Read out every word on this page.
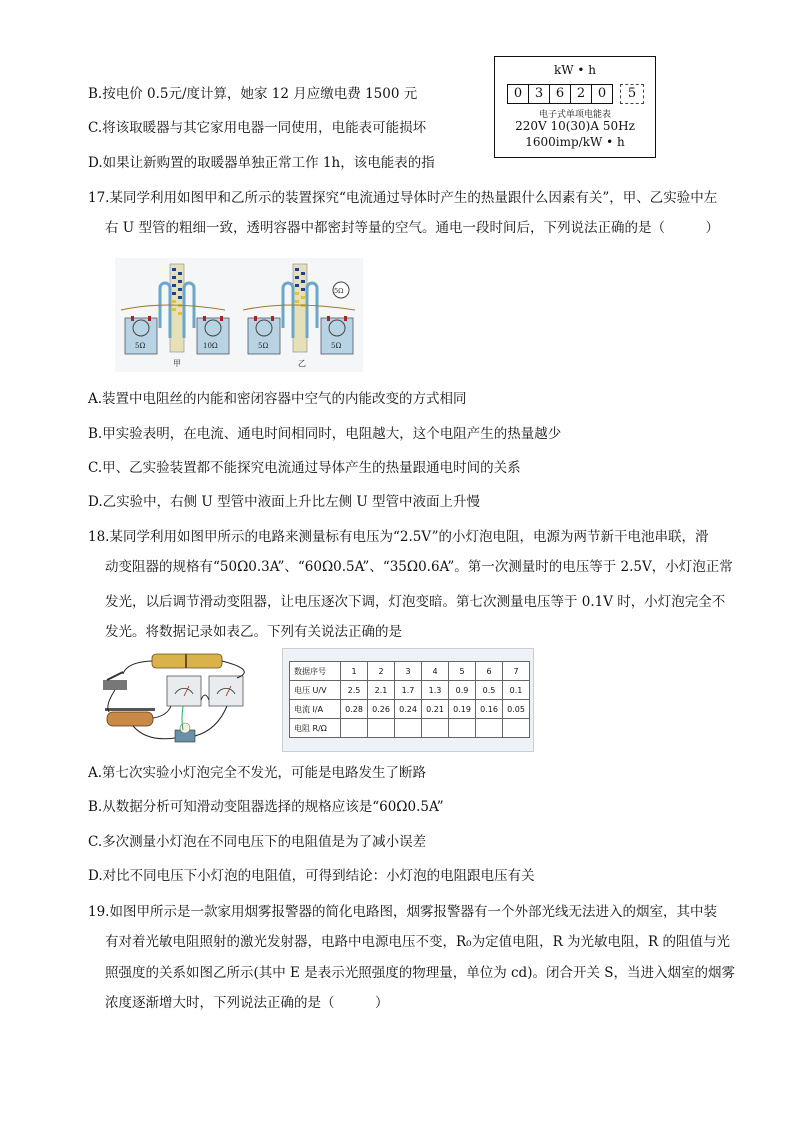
B.按电价 0.5元/度计算，她家 12 月应缴电费 1500 元
C.将该取暖器与其它家用电器一同使用，电能表可能损坏
D.如果让新购置的取暖器单独正常工作 1h，该电能表的指
kW • h
0 3 6 2 0	5
电子式单项电能表
220V 10(30)A 50Hz
1600imp/kW • h
17.某同学利用如图甲和乙所示的装置探究“电流通过导体时产生的热量跟什么因素有关”，甲、乙实验中左
右 U 型管的粗细一致，透明容器中都密封等量的空气。通电一段时间后，下列说法正确的是（　　　）
5Ω	10Ω
甲
5Ω
5Ω	5Ω
乙
A.装置中电阻丝的内能和密闭容器中空气的内能改变的方式相同
B.甲实验表明，在电流、通电时间相同时，电阻越大，这个电阻产生的热量越少
C.甲、乙实验装置都不能探究电流通过导体产生的热量跟通电时间的关系
D.乙实验中，右侧 U 型管中液面上升比左侧 U 型管中液面上升慢
18.某同学利用如图甲所示的电路来测量标有电压为“2.5V”的小灯泡电阻，电源为两节新干电池串联，滑
动变阻器的规格有“50Ω0.3A”、“60Ω0.5A”、“35Ω0.6A”。第一次测量时的电压等于 2.5V，小灯泡正常
发光，以后调节滑动变阻器，让电压逐次下调，灯泡变暗。第七次测量电压等于 0.1V 时，小灯泡完全不
发光。将数据记录如表乙。下列有关说法正确的是
数据序号	1	2	3	4	5	6	7
电压 U/V	2.5	2.1	1.7	1.3	0.9	0.5	0.1
电流 I/A	0.28	0.26	0.24	0.21	0.19	0.16	0.05
电阻 R/Ω							
A.第七次实验小灯泡完全不发光，可能是电路发生了断路
B.从数据分析可知滑动变阻器选择的规格应该是“60Ω0.5A”
C.多次测量小灯泡在不同电压下的电阻值是为了减小误差
D.对比不同电压下小灯泡的电阻值，可得到结论：小灯泡的电阻跟电压有关
19.如图甲所示是一款家用烟雾报警器的简化电路图，烟雾报警器有一个外部光线无法进入的烟室，其中装
有对着光敏电阻照射的激光发射器，电路中电源电压不变，R₀为定值电阻，R 为光敏电阻，R 的阻值与光
照强度的关系如图乙所示(其中 E 是表示光照强度的物理量，单位为 cd)。闭合开关 S，当进入烟室的烟雾
浓度逐渐增大时，下列说法正确的是（　　　）
